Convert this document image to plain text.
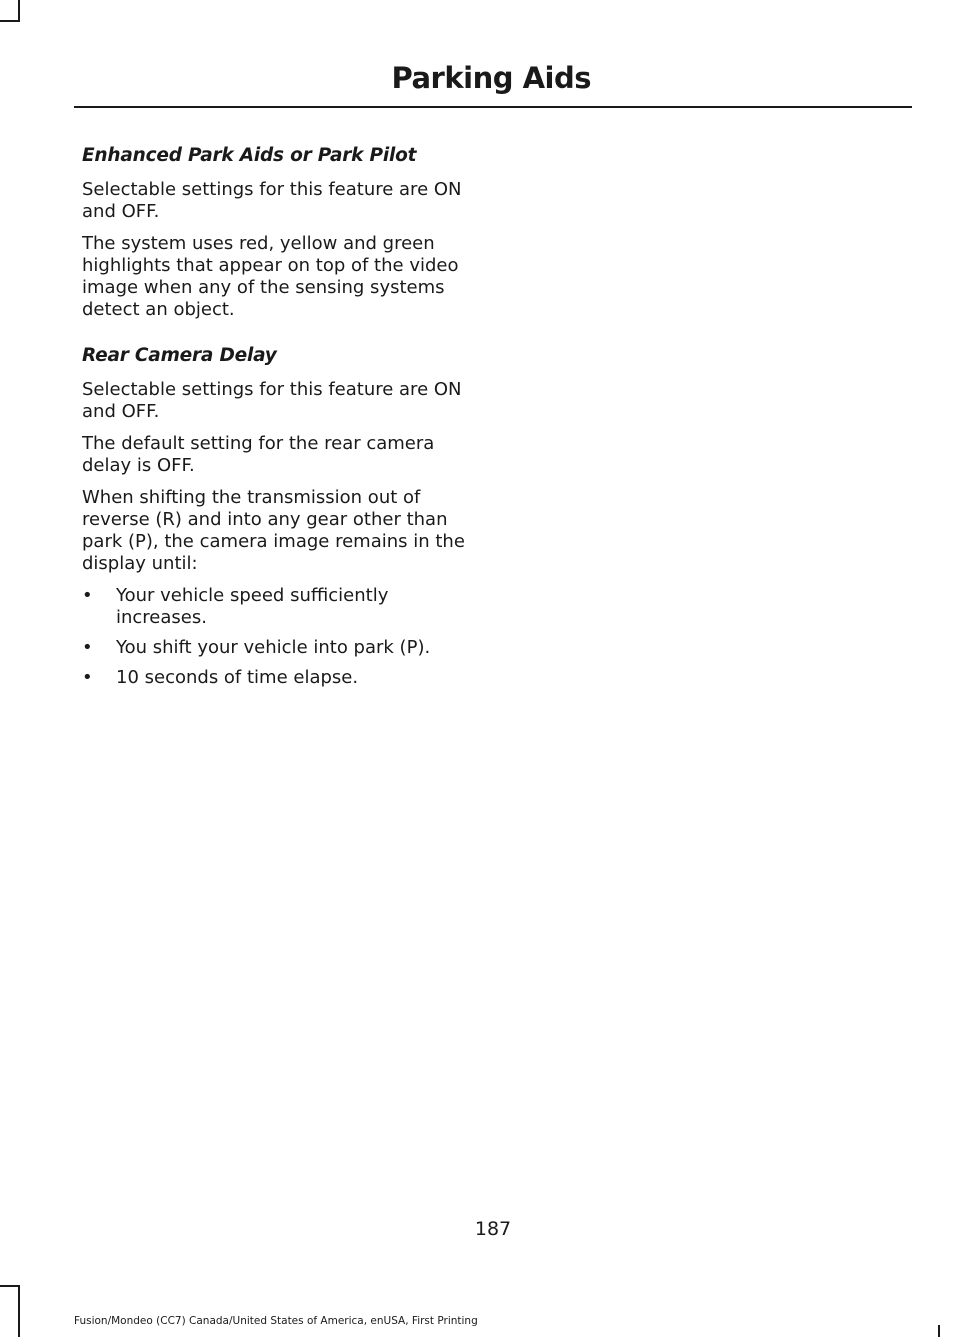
Parking Aids
Enhanced Park Aids or Park Pilot

Selectable settings for this feature are ON and OFF.

The system uses red, yellow and green highlights that appear on top of the video image when any of the sensing systems detect an object.

Rear Camera Delay

Selectable settings for this feature are ON and OFF.

The default setting for the rear camera delay is OFF.

When shifting the transmission out of reverse (R) and into any gear other than park (P), the camera image remains in the display until:

• Your vehicle speed sufficiently increases.
• You shift your vehicle into park (P).
• 10 seconds of time elapse.
187
Fusion/Mondeo (CC7) Canada/United States of America, enUSA, First Printing
